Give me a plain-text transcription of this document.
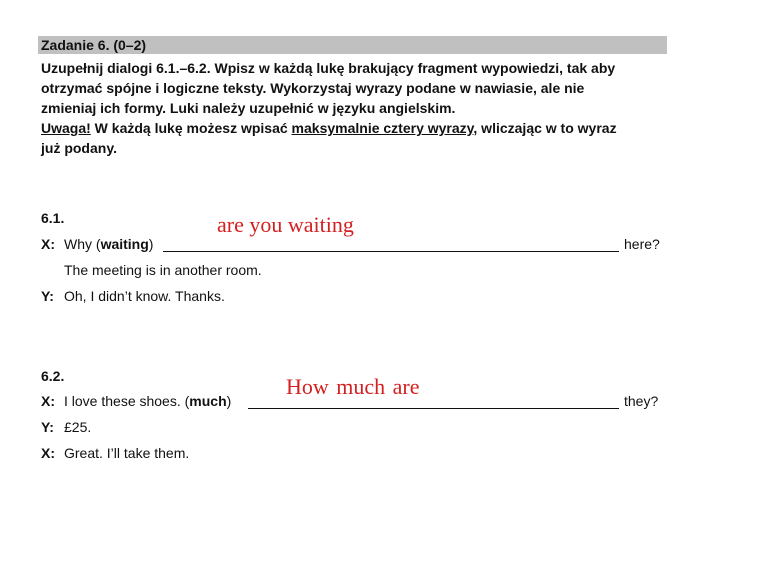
Zadanie 6. (0–2)
Uzupełnij dialogi 6.1.–6.2. Wpisz w każdą lukę brakujący fragment wypowiedzi, tak aby
otrzymać spójne i logiczne teksty. Wykorzystaj wyrazy podane w nawiasie, ale nie
zmieniaj ich formy. Luki należy uzupełnić w języku angielskim.
Uwaga! W każdą lukę możesz wpisać maksymalnie cztery wyrazy, wliczając w to wyraz
już podany.
6.1.	are you waiting
X: Why (waiting)	here?
The meeting is in another room.
Y: Oh, I didn’t know. Thanks.
6.2.	How much are
X: I love these shoes. (much)	they?
Y: £25.
X: Great. I’ll take them.
